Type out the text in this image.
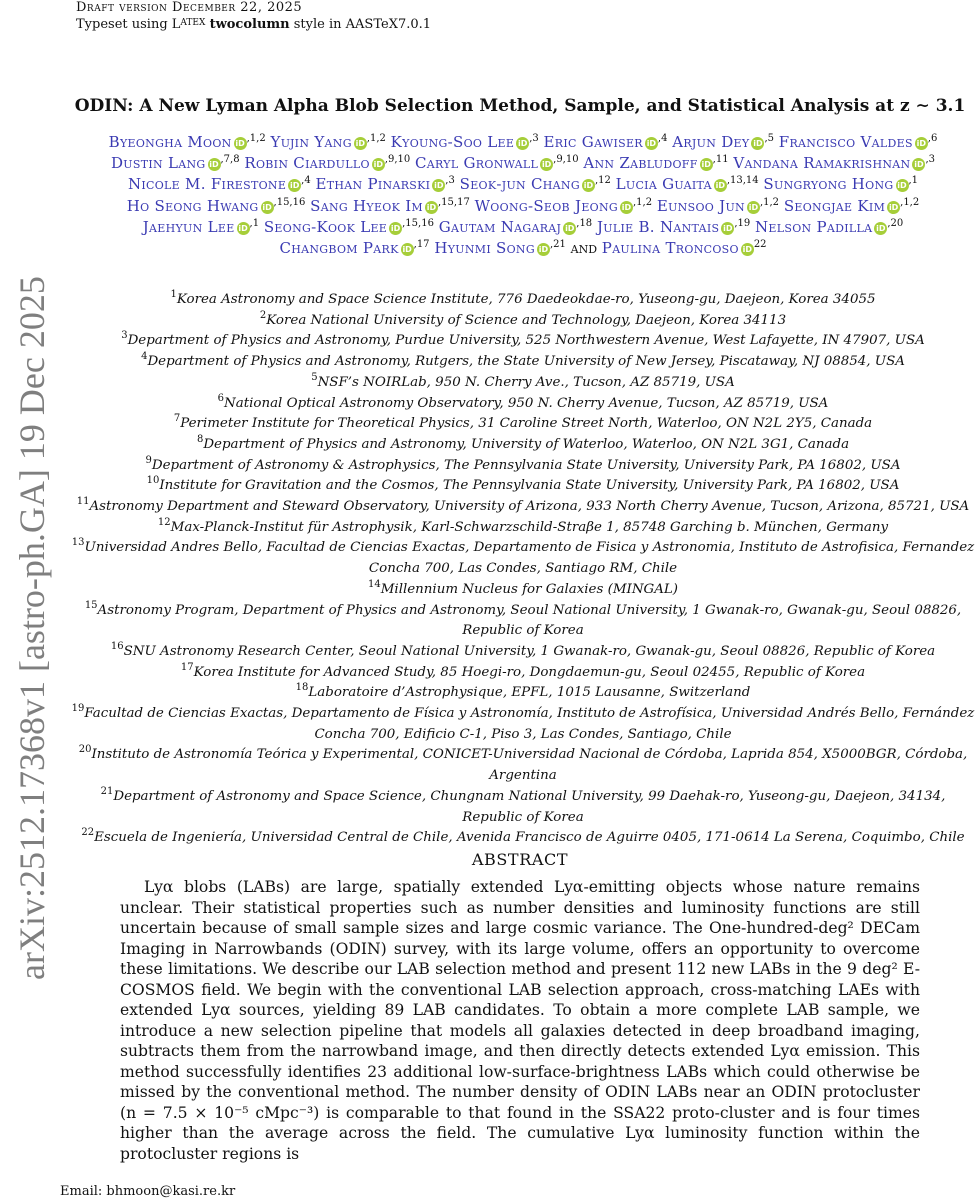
Draft version December 22, 2025
Typeset using $L^{ATEX}$ twocolumn style in AASTeX7.0.1
arXiv:2512.17368v1 [astro-ph.GA] 19 Dec 2025
ODIN: A New Lyman Alpha Blob Selection Method, Sample, and Statistical Analysis at z ∼ 3.1
Byeongha Moon iD $^{,1,2}$ Yujin Yang iD $^{,1,2}$ Kyoung-Soo Lee iD $^{,3}$ Eric Gawiser iD $^{,4}$ Arjun Dey iD $^{,5}$ Francisco Valdes iD $^{,6}$ Dustin Lang iD $^{,7,8}$ Robin Ciardullo iD $^{,9,10}$ Caryl Gronwall iD $^{,9,10}$ Ann Zabludoff iD $^{,11}$ Vandana Ramakrishnan iD $^{,3}$ Nicole M. Firestone iD $^{,4}$ Ethan Pinarski iD $^{,3}$ Seok-jun Chang iD $^{,12}$ Lucia Guaita iD $^{,13,14}$ Sungryong Hong iD $^{,1}$ Ho Seong Hwang iD $^{,15,16}$ Sang Hyeok Im iD $^{,15,17}$ Woong-Seob Jeong iD $^{,1,2}$ Eunsoo Jun iD $^{,1,2}$ Seongjae Kim iD $^{,1,2}$ Jaehyun Lee iD $^{,1}$ Seong-Kook Lee iD $^{,15,16}$ Gautam Nagaraj iD $^{,18}$ Julie B. Nantais iD $^{,19}$ Nelson Padilla iD $^{,20}$ Changbom Park iD $^{,17}$ Hyunmi Song iD $^{,21}$ and Paulina Troncoso iD $^{22}$
$^1$Korea Astronomy and Space Science Institute, 776 Daedeokdae-ro, Yuseong-gu, Daejeon, Korea 34055
$^2$Korea National University of Science and Technology, Daejeon, Korea 34113
$^3$Department of Physics and Astronomy, Purdue University, 525 Northwestern Avenue, West Lafayette, IN 47907, USA
$^4$Department of Physics and Astronomy, Rutgers, the State University of New Jersey, Piscataway, NJ 08854, USA
$^5$NSF’s NOIRLab, 950 N. Cherry Ave., Tucson, AZ 85719, USA
$^6$National Optical Astronomy Observatory, 950 N. Cherry Avenue, Tucson, AZ 85719, USA
$^7$Perimeter Institute for Theoretical Physics, 31 Caroline Street North, Waterloo, ON N2L 2Y5, Canada
$^8$Department of Physics and Astronomy, University of Waterloo, Waterloo, ON N2L 3G1, Canada
$^9$Department of Astronomy & Astrophysics, The Pennsylvania State University, University Park, PA 16802, USA
$^{10}$Institute for Gravitation and the Cosmos, The Pennsylvania State University, University Park, PA 16802, USA
$^{11}$Astronomy Department and Steward Observatory, University of Arizona, 933 North Cherry Avenue, Tucson, Arizona, 85721, USA
$^{12}$Max-Planck-Institut für Astrophysik, Karl-Schwarzschild-Straβe 1, 85748 Garching b. München, Germany
$^{13}$Universidad Andres Bello, Facultad de Ciencias Exactas, Departamento de Fisica y Astronomia, Instituto de Astrofisica, Fernandez Concha 700, Las Condes, Santiago RM, Chile
$^{14}$Millennium Nucleus for Galaxies (MINGAL)
$^{15}$Astronomy Program, Department of Physics and Astronomy, Seoul National University, 1 Gwanak-ro, Gwanak-gu, Seoul 08826, Republic of Korea
$^{16}$SNU Astronomy Research Center, Seoul National University, 1 Gwanak-ro, Gwanak-gu, Seoul 08826, Republic of Korea
$^{17}$Korea Institute for Advanced Study, 85 Hoegi-ro, Dongdaemun-gu, Seoul 02455, Republic of Korea
$^{18}$Laboratoire d’Astrophysique, EPFL, 1015 Lausanne, Switzerland
$^{19}$Facultad de Ciencias Exactas, Departamento de Física y Astronomía, Instituto de Astrofísica, Universidad Andrés Bello, Fernández Concha 700, Edificio C-1, Piso 3, Las Condes, Santiago, Chile
$^{20}$Instituto de Astronomía Teórica y Experimental, CONICET-Universidad Nacional de Córdoba, Laprida 854, X5000BGR, Córdoba, Argentina
$^{21}$Department of Astronomy and Space Science, Chungnam National University, 99 Daehak-ro, Yuseong-gu, Daejeon, 34134, Republic of Korea
$^{22}$Escuela de Ingeniería, Universidad Central de Chile, Avenida Francisco de Aguirre 0405, 171-0614 La Serena, Coquimbo, Chile
ABSTRACT
Lyα blobs (LABs) are large, spatially extended Lyα-emitting objects whose nature remains unclear. Their statistical properties such as number densities and luminosity functions are still uncertain because of small sample sizes and large cosmic variance. The One-hundred-deg² DECam Imaging in Narrowbands (ODIN) survey, with its large volume, offers an opportunity to overcome these limitations. We describe our LAB selection method and present 112 new LABs in the 9 deg² E-COSMOS field. We begin with the conventional LAB selection approach, cross-matching LAEs with extended Lyα sources, yielding 89 LAB candidates. To obtain a more complete LAB sample, we introduce a new selection pipeline that models all galaxies detected in deep broadband imaging, subtracts them from the narrowband image, and then directly detects extended Lyα emission. This method successfully identifies 23 additional low-surface-brightness LABs which could otherwise be missed by the conventional method. The number density of ODIN LABs near an ODIN protocluster (n = 7.5 × 10⁻⁵ cMpc⁻³) is comparable to that found in the SSA22 proto-cluster and is four times higher than the average across the field. The cumulative Lyα luminosity function within the protocluster regions is
Email: bhmoon@kasi.re.kr
